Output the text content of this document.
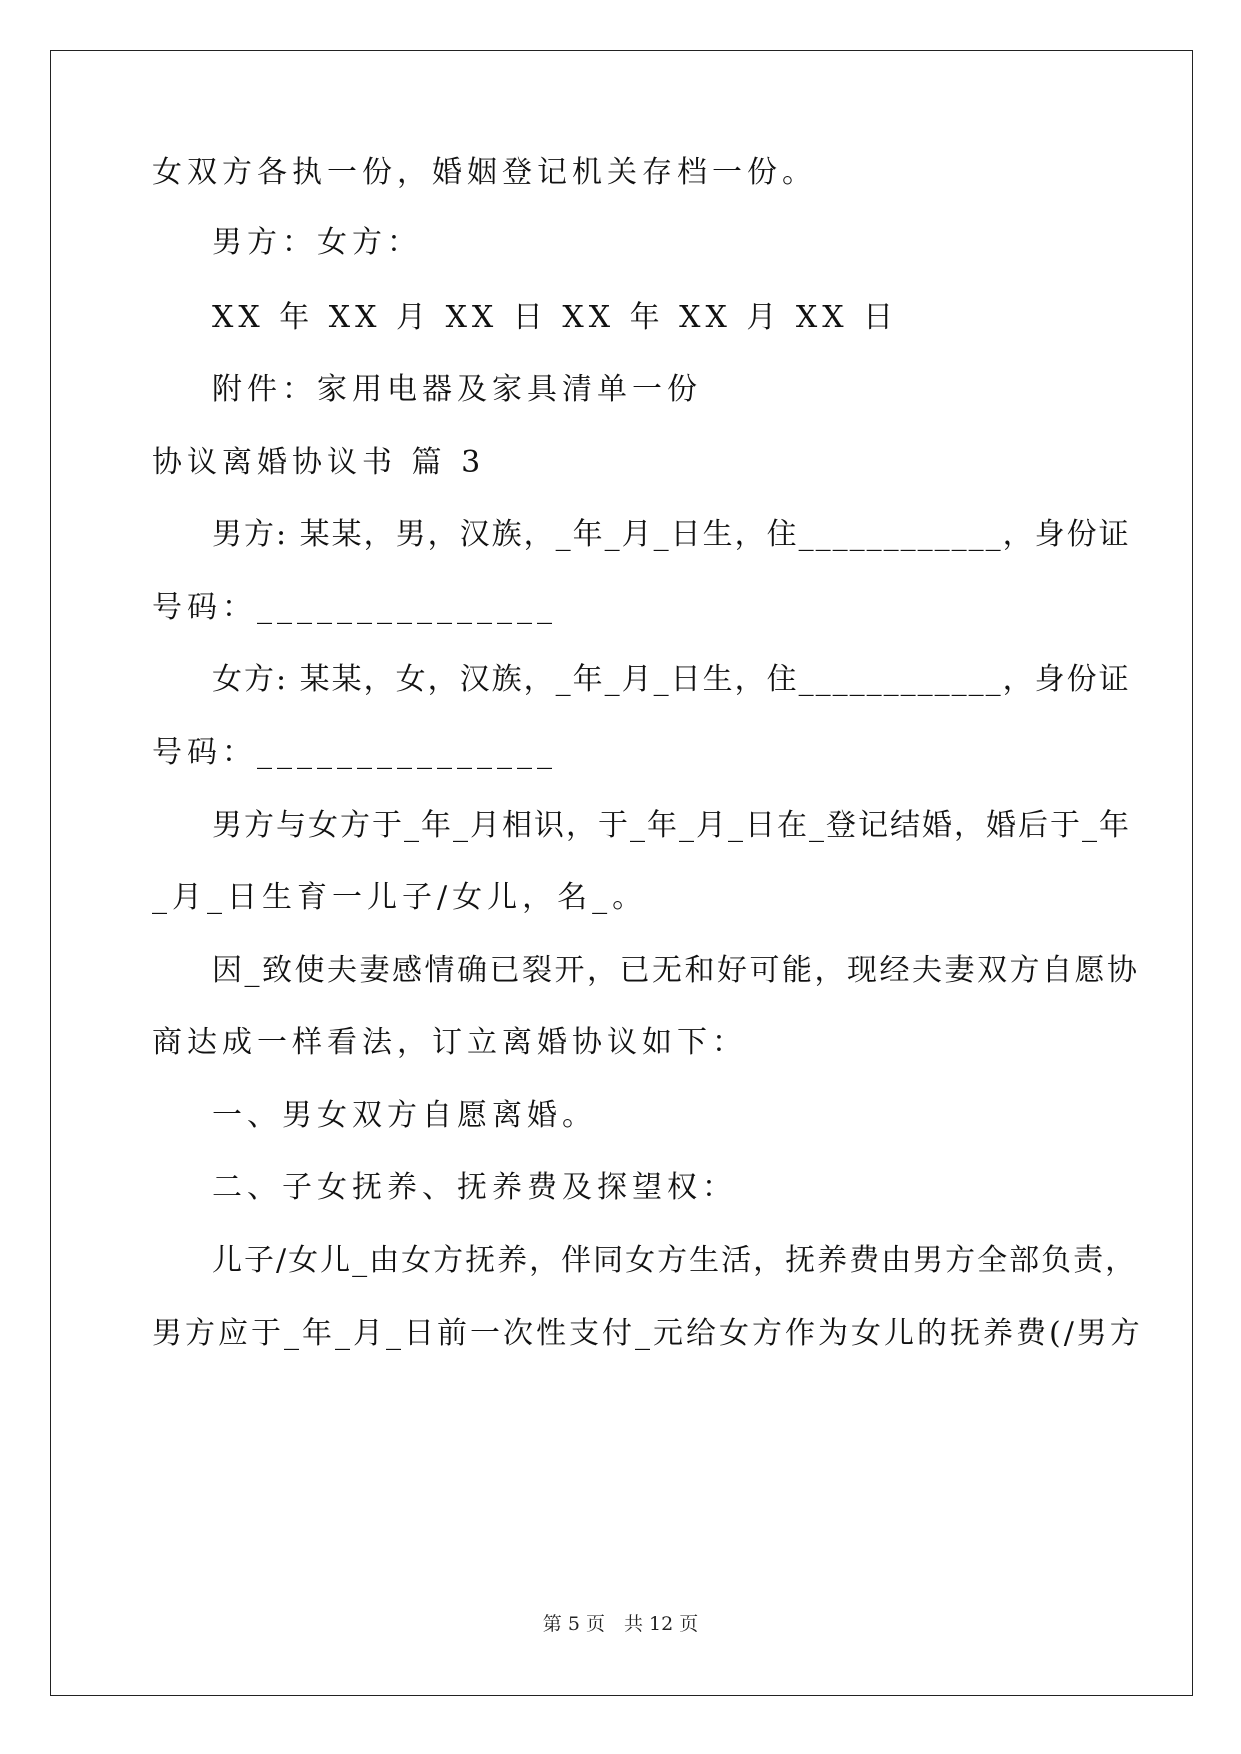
女双方各执一份，婚姻登记机关存档一份。
男方：女方：
XX 年 XX 月 XX 日 XX 年 XX 月 XX 日
附件：家用电器及家具清单一份
协议离婚协议书 篇 3
男方: 某某，男，汉族，_年_月_日生，住____________，身份证
号码：_______________
女方: 某某，女，汉族，_年_月_日生，住____________，身份证
号码：_______________
男方与女方于_年_月相识，于_年_月_日在_登记结婚，婚后于_年
_月_日生育一儿子/女儿，名_。
因_致使夫妻感情确已裂开，已无和好可能，现经夫妻双方自愿协
商达成一样看法，订立离婚协议如下：
一、男女双方自愿离婚。
二、子女抚养、抚养费及探望权：
儿子/女儿_由女方抚养，伴同女方生活，抚养费由男方全部负责，
男方应于_年_月_日前一次性支付_元给女方作为女儿的抚养费(/男方
第 5 页　共 12 页
